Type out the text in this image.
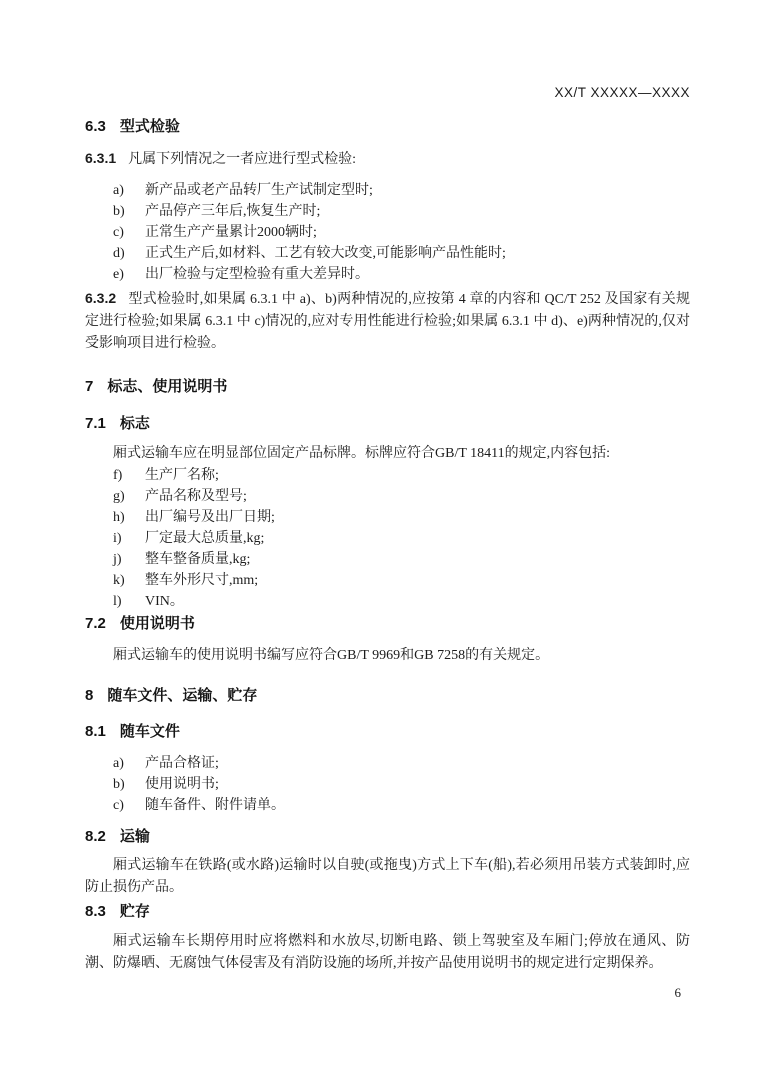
XX/T XXXXX—XXXX
6.3 型式检验
6.3.1 凡属下列情况之一者应进行型式检验:
a) 新产品或老产品转厂生产试制定型时;
b) 产品停产三年后,恢复生产时;
c) 正常生产产量累计2000辆时;
d) 正式生产后,如材料、工艺有较大改变,可能影响产品性能时;
e) 出厂检验与定型检验有重大差异时。
6.3.2 型式检验时,如果属 6.3.1 中 a)、b)两种情况的,应按第 4 章的内容和 QC/T 252 及国家有关规定进行检验;如果属 6.3.1 中 c)情况的,应对专用性能进行检验;如果属 6.3.1 中 d)、e)两种情况的,仅对受影响项目进行检验。
7 标志、使用说明书
7.1 标志
厢式运输车应在明显部位固定产品标牌。标牌应符合GB/T 18411的规定,内容包括:
f) 生产厂名称;
g) 产品名称及型号;
h) 出厂编号及出厂日期;
i) 厂定最大总质量,kg;
j) 整车整备质量,kg;
k) 整车外形尺寸,mm;
l) VIN。
7.2 使用说明书
厢式运输车的使用说明书编写应符合GB/T 9969和GB 7258的有关规定。
8 随车文件、运输、贮存
8.1 随车文件
a) 产品合格证;
b) 使用说明书;
c) 随车备件、附件请单。
8.2 运输
厢式运输车在铁路(或水路)运输时以自驶(或拖曳)方式上下车(船),若必须用吊装方式装卸时,应防止损伤产品。
8.3 贮存
厢式运输车长期停用时应将燃料和水放尽,切断电路、锁上驾驶室及车厢门;停放在通风、防潮、防爆晒、无腐蚀气体侵害及有消防设施的场所,并按产品使用说明书的规定进行定期保养。
6
